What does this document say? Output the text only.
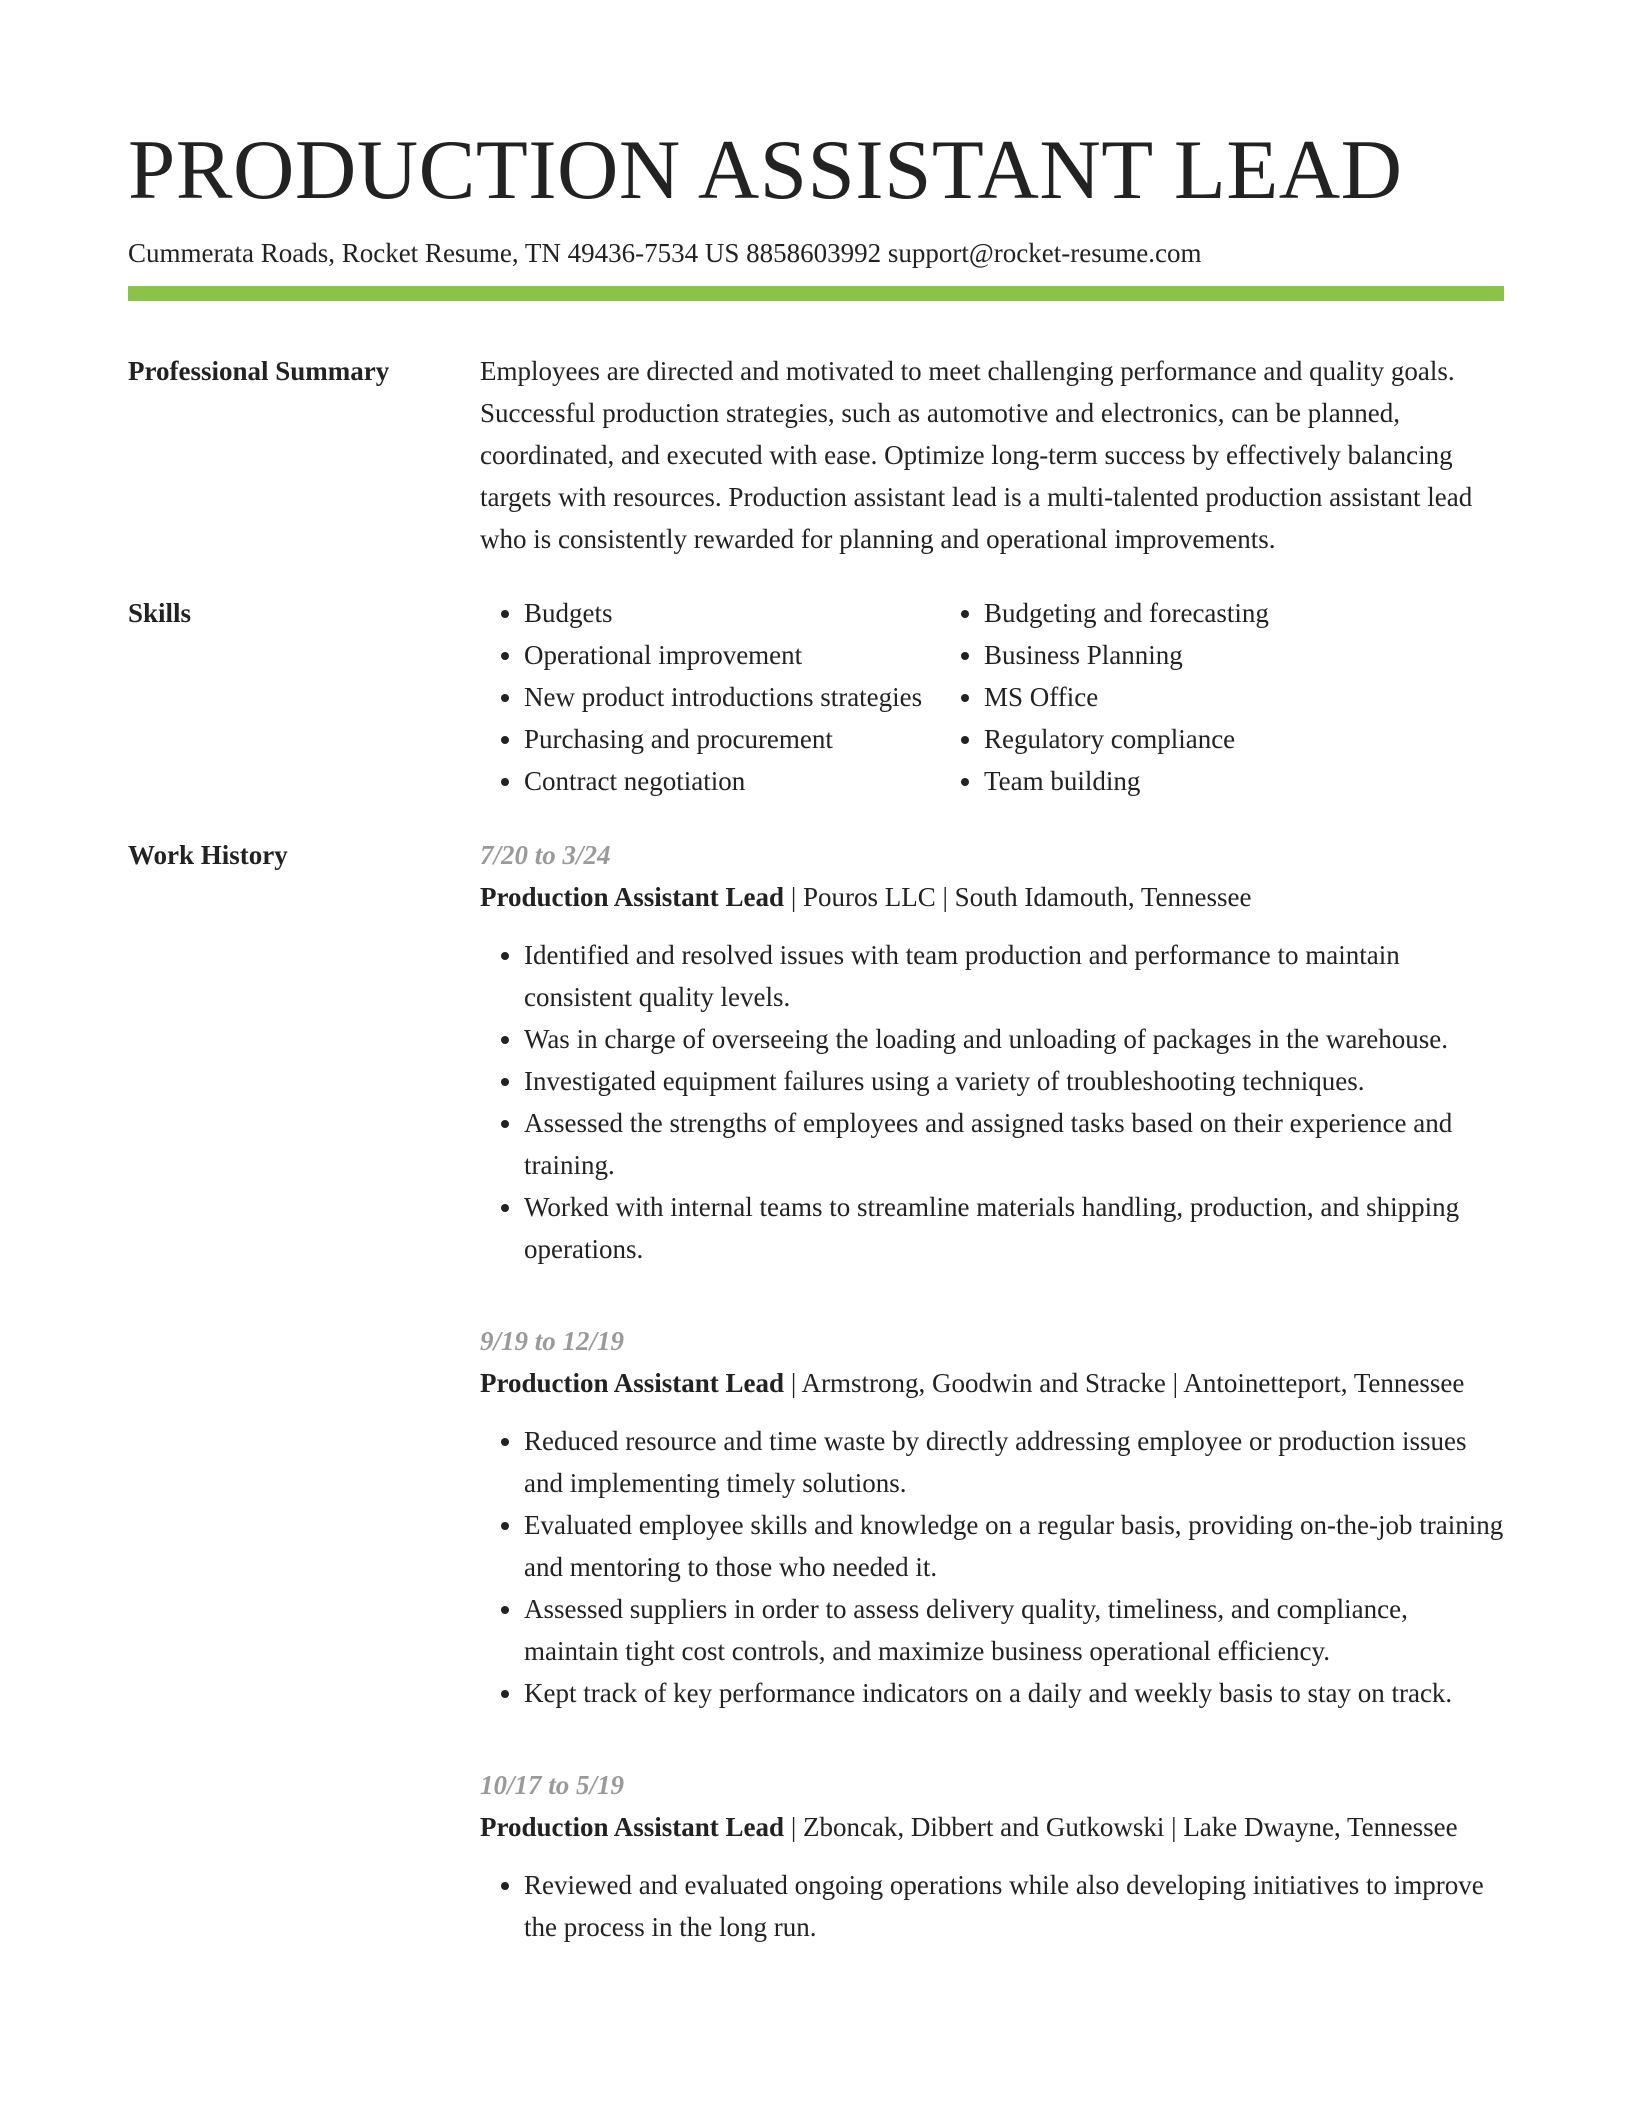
PRODUCTION ASSISTANT LEAD
Cummerata Roads, Rocket Resume, TN 49436-7534 US 8858603992 support@rocket-resume.com
Professional Summary	Employees are directed and motivated to meet challenging performance and quality goals. Successful production strategies, such as automotive and electronics, can be planned, coordinated, and executed with ease. Optimize long-term success by effectively balancing targets with resources. Production assistant lead is a multi-talented production assistant lead who is consistently rewarded for planning and operational improvements.

Skills
•	Budgets
• Operational improvement
• New product introductions strategies
• Purchasing and procurement
• Contract negotiation
• Budgeting and forecasting
• Business Planning
• MS Office
• Regulatory compliance
• Team building
Work History	7/20 to 3/24
Production Assistant Lead | Pouros LLC | South Idamouth, Tennessee
• Identified and resolved issues with team production and performance to maintain consistent quality levels.
• Was in charge of overseeing the loading and unloading of packages in the warehouse.
• Investigated equipment failures using a variety of troubleshooting techniques.
• Assessed the strengths of employees and assigned tasks based on their experience and training.
• Worked with internal teams to streamline materials handling, production, and shipping operations.
9/19 to 12/19
Production Assistant Lead | Armstrong, Goodwin and Stracke | Antoinetteport, Tennessee
• Reduced resource and time waste by directly addressing employee or production issues and implementing timely solutions.
• Evaluated employee skills and knowledge on a regular basis, providing on-the-job training and mentoring to those who needed it.
• Assessed suppliers in order to assess delivery quality, timeliness, and compliance, maintain tight cost controls, and maximize business operational efficiency.
• Kept track of key performance indicators on a daily and weekly basis to stay on track.
10/17 to 5/19
Production Assistant Lead | Zboncak, Dibbert and Gutkowski | Lake Dwayne, Tennessee
• Reviewed and evaluated ongoing operations while also developing initiatives to improve the process in the long run.
